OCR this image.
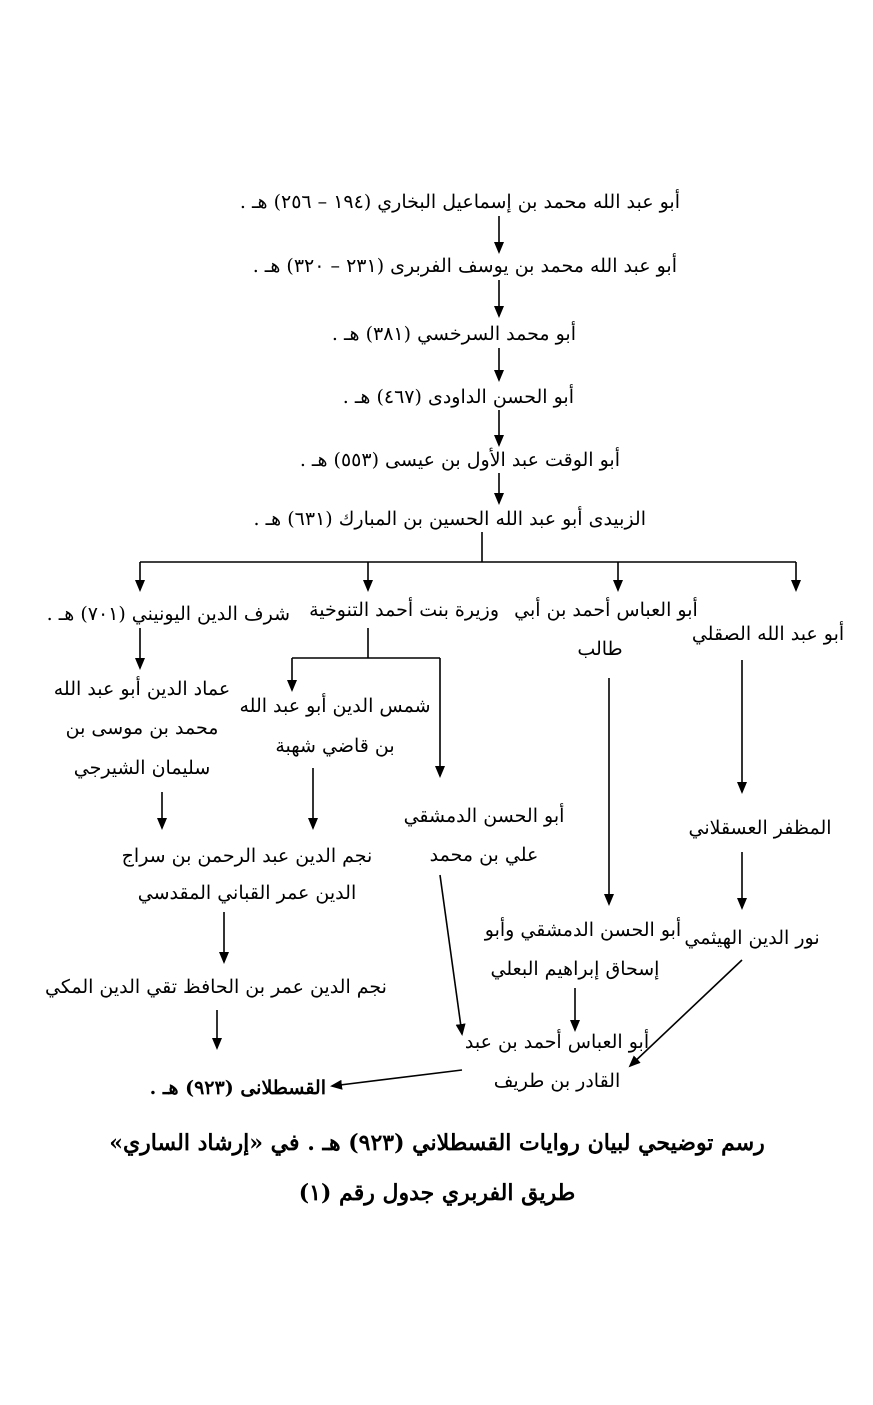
أبو عبد الله محمد بن إسماعيل البخاري (١٩٤ – ٢٥٦) هـ .
أبو عبد الله محمد بن يوسف الفربرى (٢٣١ – ٣٢٠) هـ .
أبو محمد السرخسي (٣٨١) هـ .
أبو الحسن الداودى (٤٦٧) هـ .
أبو الوقت عبد الأول بن عيسى (٥٥٣) هـ .
الزبيدى أبو عبد الله الحسين بن المبارك (٦٣١) هـ .
شرف الدين اليونيني (٧٠١) هـ .
عماد الدين أبو عبد الله
محمد بن موسى بن
سليمان الشيرجي
نجم الدين عبد الرحمن بن سراج
الدين عمر القباني المقدسي
نجم الدين عمر بن الحافظ تقي الدين المكي
وزيرة بنت أحمد التنوخية
شمس الدين أبو عبد الله
بن قاضي شهبة
أبو الحسن الدمشقي
علي بن محمد
أبو العباس أحمد بن أبي
طالب
أبو الحسن الدمشقي وأبو
إسحاق إبراهيم البعلي
أبو عبد الله الصقلي
المظفر العسقلاني
نور الدين الهيثمي
أبو العباس أحمد بن عبد
القادر بن طريف
القسطلانى (٩٢٣) هـ .
رسم توضيحي لبيان روايات القسطلاني (٩٢٣) هـ . في «إرشاد الساري»
طريق الفربري جدول رقم (١)
